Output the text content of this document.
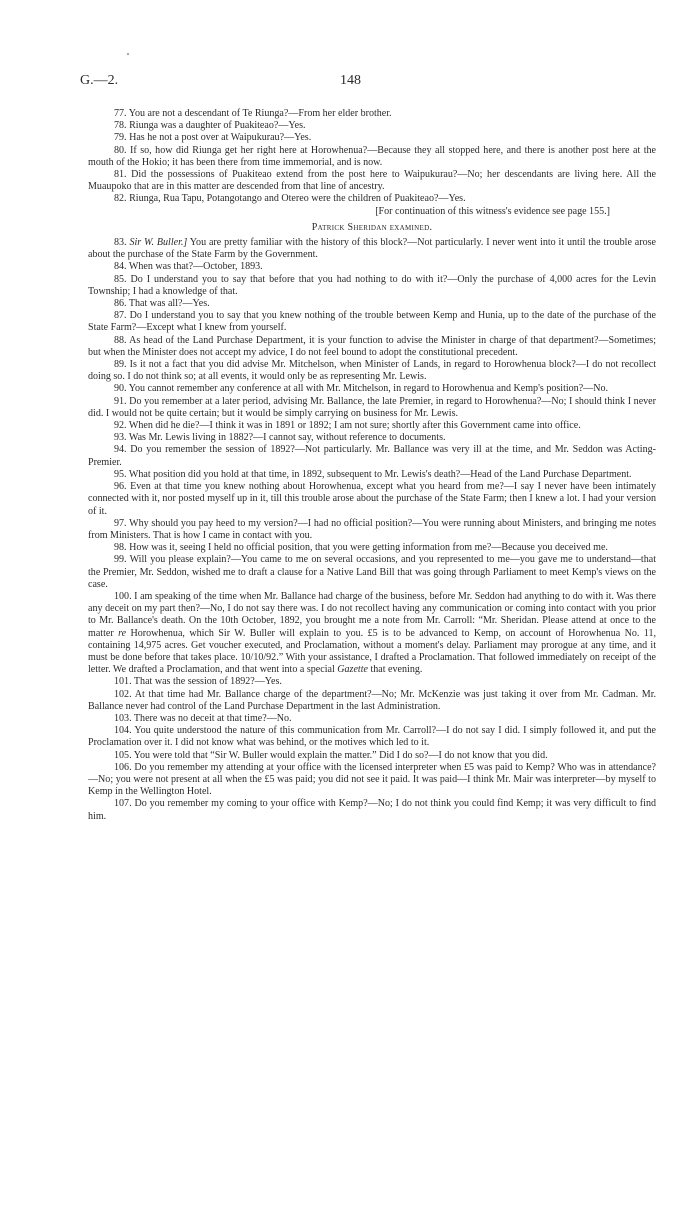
G.—2.	148

77. You are not a descendant of Te Riunga?—From her elder brother.

78. Riunga was a daughter of Puakiteao?—Yes.

79. Has he not a post over at Waipukurau?—Yes.

80. If so, how did Riunga get her right here at Horowhenua?—Because they all stopped here, and there is another post here at the mouth of the Hokio; it has been there from time immemorial, and is now.

81. Did the possessions of Puakiteao extend from the post here to Waipukurau?—No; her descendants are living here. All the Muaupoko that are in this matter are descended from that line of ancestry.

82. Riunga, Rua Tapu, Potangotango and Otereo were the children of Puakiteao?—Yes.

[For continuation of this witness's evidence see page 155.]

Patrick Sheridan examined.

83. Sir W. Buller.] You are pretty familiar with the history of this block?—Not particularly. I never went into it until the trouble arose about the purchase of the State Farm by the Government.

84. When was that?—October, 1893.

85. Do I understand you to say that before that you had nothing to do with it?—Only the purchase of 4,000 acres for the Levin Township; I had a knowledge of that.

86. That was all?—Yes.

87. Do I understand you to say that you knew nothing of the trouble between Kemp and Hunia, up to the date of the purchase of the State Farm?—Except what I knew from yourself.

88. As head of the Land Purchase Department, it is your function to advise the Minister in charge of that department?—Sometimes; but when the Minister does not accept my advice, I do not feel bound to adopt the constitutional precedent.

89. Is it not a fact that you did advise Mr. Mitchelson, when Minister of Lands, in regard to Horowhenua block?—I do not recollect doing so. I do not think so; at all events, it would only be as representing Mr. Lewis.

90. You cannot remember any conference at all with Mr. Mitchelson, in regard to Horowhenua and Kemp's position?—No.

91. Do you remember at a later period, advising Mr. Ballance, the late Premier, in regard to Horowhenua?—No; I should think I never did. I would not be quite certain; but it would be simply carrying on business for Mr. Lewis.

92. When did he die?—I think it was in 1891 or 1892; I am not sure; shortly after this Government came into office.

93. Was Mr. Lewis living in 1882?—I cannot say, without reference to documents.

94. Do you remember the session of 1892?—Not particularly. Mr. Ballance was very ill at the time, and Mr. Seddon was Acting-Premier.

95. What position did you hold at that time, in 1892, subsequent to Mr. Lewis's death?—Head of the Land Purchase Department.

96. Even at that time you knew nothing about Horowhenua, except what you heard from me?—I say I never have been intimately connected with it, nor posted myself up in it, till this trouble arose about the purchase of the State Farm; then I knew a lot. I had your version of it.

97. Why should you pay heed to my version?—I had no official position?—You were running about Ministers, and bringing me notes from Ministers. That is how I came in contact with you.

98. How was it, seeing I held no official position, that you were getting information from me?—Because you deceived me.

99. Will you please explain?—You came to me on several occasions, and you represented to me—you gave me to understand—that the Premier, Mr. Seddon, wished me to draft a clause for a Native Land Bill that was going through Parliament to meet Kemp's views on the case.

100. I am speaking of the time when Mr. Ballance had charge of the business, before Mr. Seddon had anything to do with it. Was there any deceit on my part then?—No, I do not say there was. I do not recollect having any communication or coming into contact with you prior to Mr. Ballance's death. On the 10th October, 1892, you brought me a note from Mr. Carroll: “Mr. Sheridan. Please attend at once to the matter re Horowhenua, which Sir W. Buller will explain to you. £5 is to be advanced to Kemp, on account of Horowhenua No. 11, containing 14,975 acres. Get voucher executed, and Proclamation, without a moment's delay. Parliament may prorogue at any time, and it must be done before that takes place. 10/10/92.” With your assistance, I drafted a Proclamation. That followed immediately on receipt of the letter. We drafted a Proclamation, and that went into a special Gazette that evening.

101. That was the session of 1892?—Yes.

102. At that time had Mr. Ballance charge of the department?—No; Mr. McKenzie was just taking it over from Mr. Cadman. Mr. Ballance never had control of the Land Purchase Department in the last Administration.

103. There was no deceit at that time?—No.

104. You quite understood the nature of this communication from Mr. Carroll?—I do not say I did. I simply followed it, and put the Proclamation over it. I did not know what was behind, or the motives which led to it.

105. You were told that “Sir W. Buller would explain the matter.” Did I do so?—I do not know that you did.

106. Do you remember my attending at your office with the licensed interpreter when £5 was paid to Kemp? Who was in attendance?—No; you were not present at all when the £5 was paid; you did not see it paid. It was paid—I think Mr. Mair was interpreter—by myself to Kemp in the Wellington Hotel.

107. Do you remember my coming to your office with Kemp?—No; I do not think you could find Kemp; it was very difficult to find him.
